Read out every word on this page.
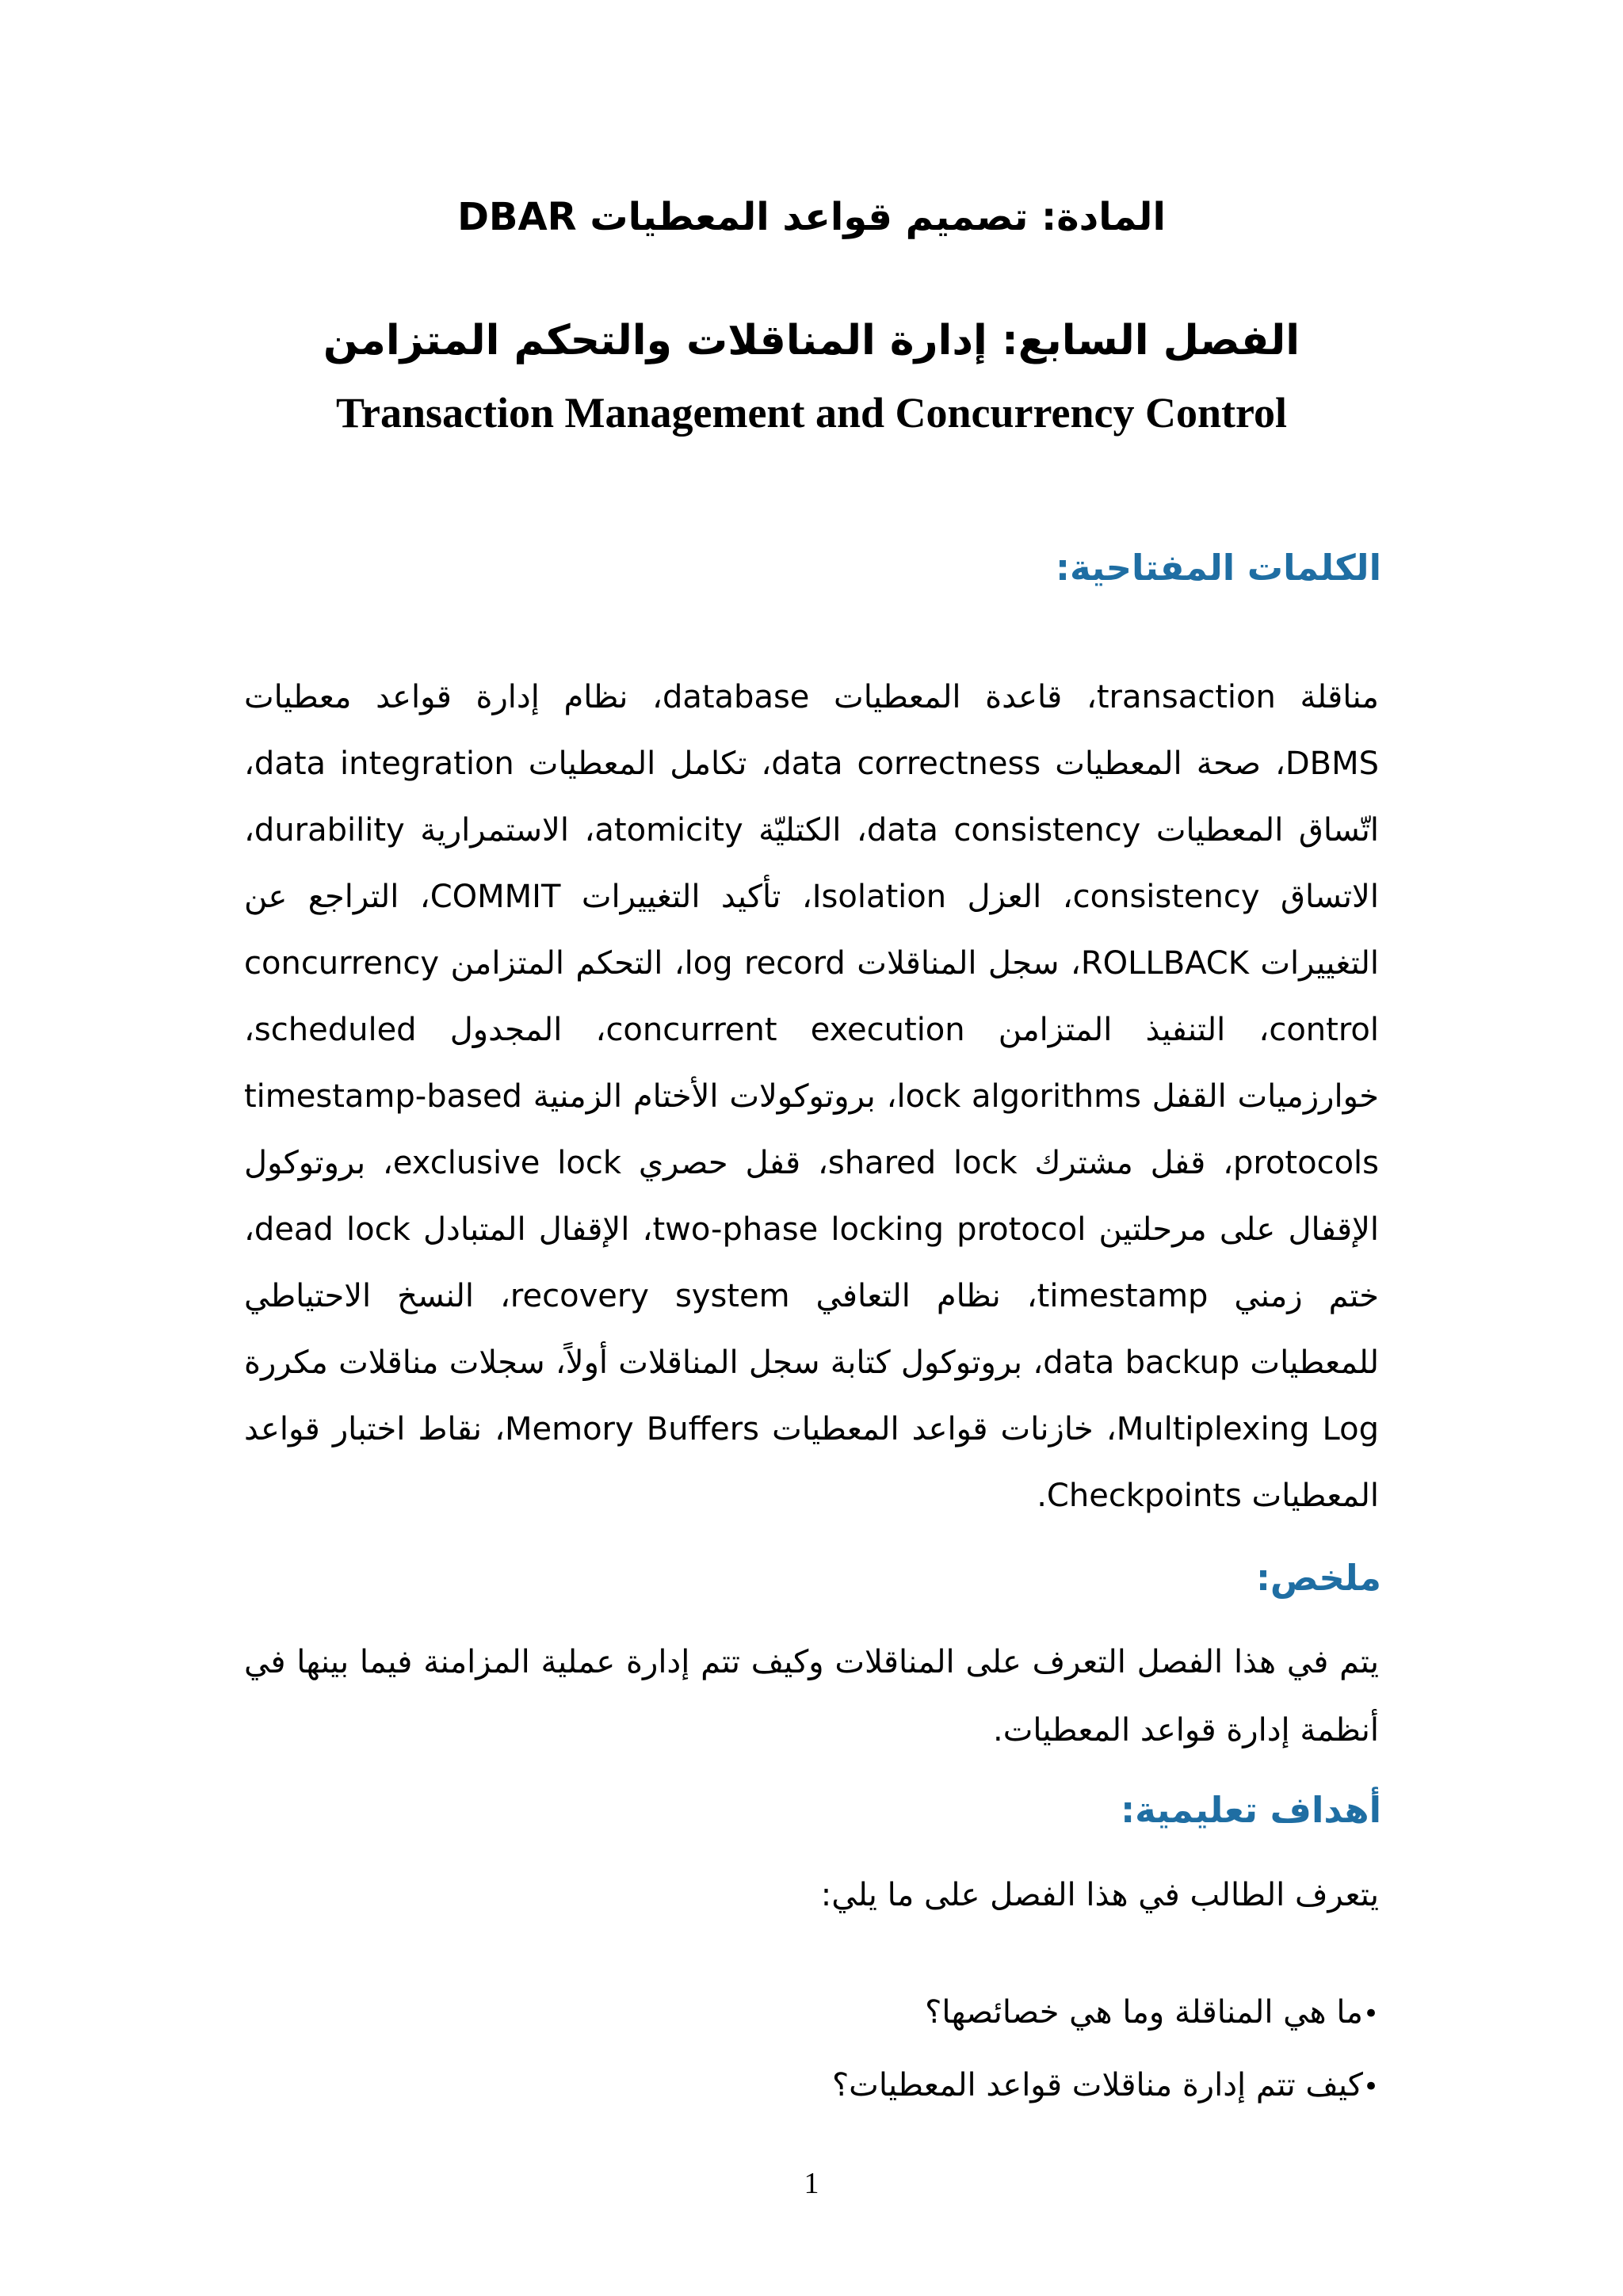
المادة: تصميم قواعد المعطيات DBAR
الفصل السابع: إدارة المناقلات والتحكم المتزامن
Transaction Management and Concurrency Control
الكلمات المفتاحية:

مناقلة transaction، قاعدة المعطيات database، نظام إدارة قواعد معطيات DBMS، صحة المعطيات data correctness، تكامل المعطيات data integration، اتّساق المعطيات data consistency، الكتليّة atomicity، الاستمرارية durability، الاتساق consistency، العزل Isolation، تأكيد التغييرات COMMIT، التراجع عن التغييرات ROLLBACK، سجل المناقلات log record، التحكم المتزامن concurrency control، التنفيذ المتزامن concurrent execution، المجدول scheduled، خوارزميات القفل lock algorithms، بروتوكولات الأختام الزمنية timestamp-based protocols، قفل مشترك shared lock، قفل حصري exclusive lock، بروتوكول الإقفال على مرحلتين two-phase locking protocol، الإقفال المتبادل dead lock، ختم زمني timestamp، نظام التعافي recovery system، النسخ الاحتياطي للمعطيات data backup، بروتوكول كتابة سجل المناقلات أولاً، سجلات مناقلات مكررة Multiplexing Log، خازنات قواعد المعطيات Memory Buffers، نقاط اختبار قواعد المعطيات Checkpoints.

ملخص:

يتم في هذا الفصل التعرف على المناقلات وكيف تتم إدارة عملية المزامنة فيما بينها في أنظمة إدارة قواعد المعطيات.

أهداف تعليمية:

يتعرف الطالب في هذا الفصل على ما يلي:

•ما هي المناقلة وما هي خصائصها؟
•كيف تتم إدارة مناقلات قواعد المعطيات؟
1
